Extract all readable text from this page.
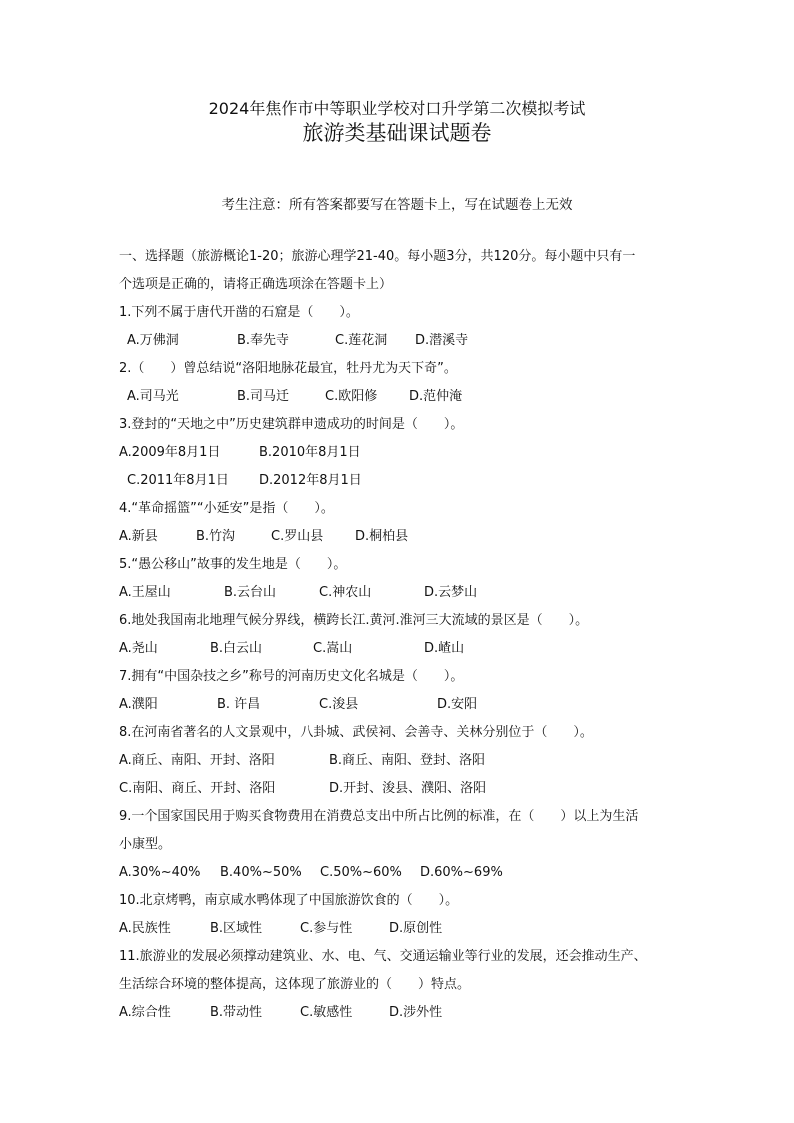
2024年焦作市中等职业学校对口升学第二次模拟考试
旅游类基础课试题卷
考生注意：所有答案都要写在答题卡上，写在试题卷上无效
一、选择题（旅游概论1-20；旅游心理学21-40。每小题3分，共120分。每小题中只有一
个选项是正确的，请将正确选项涂在答题卡上）
1.下列不属于唐代开凿的石窟是（　　）。
A.万佛洞	B.奉先寺	C.莲花洞 D.潜溪寺
2.（　　）曾总结说“洛阳地脉花最宜，牡丹尤为天下奇”。
A.司马光	B.司马迁	C.欧阳修 D.范仲淹
3.登封的“天地之中”历史建筑群申遗成功的时间是（　　）。
A.2009年8月1日	B.2010年8月1日
C.2011年8月1日 D.2012年8月1日
4.“革命摇篮”“小延安”是指（　　）。
A.新县	B.竹沟	C.罗山县 D.桐柏县
5.“愚公移山”故事的发生地是（　　）。
A.王屋山	B.云台山	C.神农山	D.云梦山
6.地处我国南北地理气候分界线，横跨长江.黄河.淮河三大流域的景区是（　　）。
A.尧山	B.白云山	C.嵩山	D.嵖山
7.拥有“中国杂技之乡”称号的河南历史文化名城是（　　）。
A.濮阳	B. 许昌	C.浚县	D.安阳
8.在河南省著名的人文景观中，八卦城、武侯祠、会善寺、关林分别位于（　　）。
A.商丘、南阳、开封、洛阳	B.商丘、南阳、登封、洛阳
C.南阳、商丘、开封、洛阳	D.开封、浚县、濮阳、洛阳
9.一个国家国民用于购买食物费用在消费总支出中所占比例的标准，在（　　）以上为生活
小康型。
A.30%~40% B.40%~50% C.50%~60% D.60%~69%
10.北京烤鸭，南京咸水鸭体现了中国旅游饮食的（　　）。
A.民族性	B.区域性	C.参与性	D.原创性
11.旅游业的发展必须撑动建筑业、水、电、气、交通运输业等行业的发展，还会推动生产、
生活综合环境的整体提高，这体现了旅游业的（　　）特点。
A.综合性	B.带动性	C.敏感性	D.涉外性
